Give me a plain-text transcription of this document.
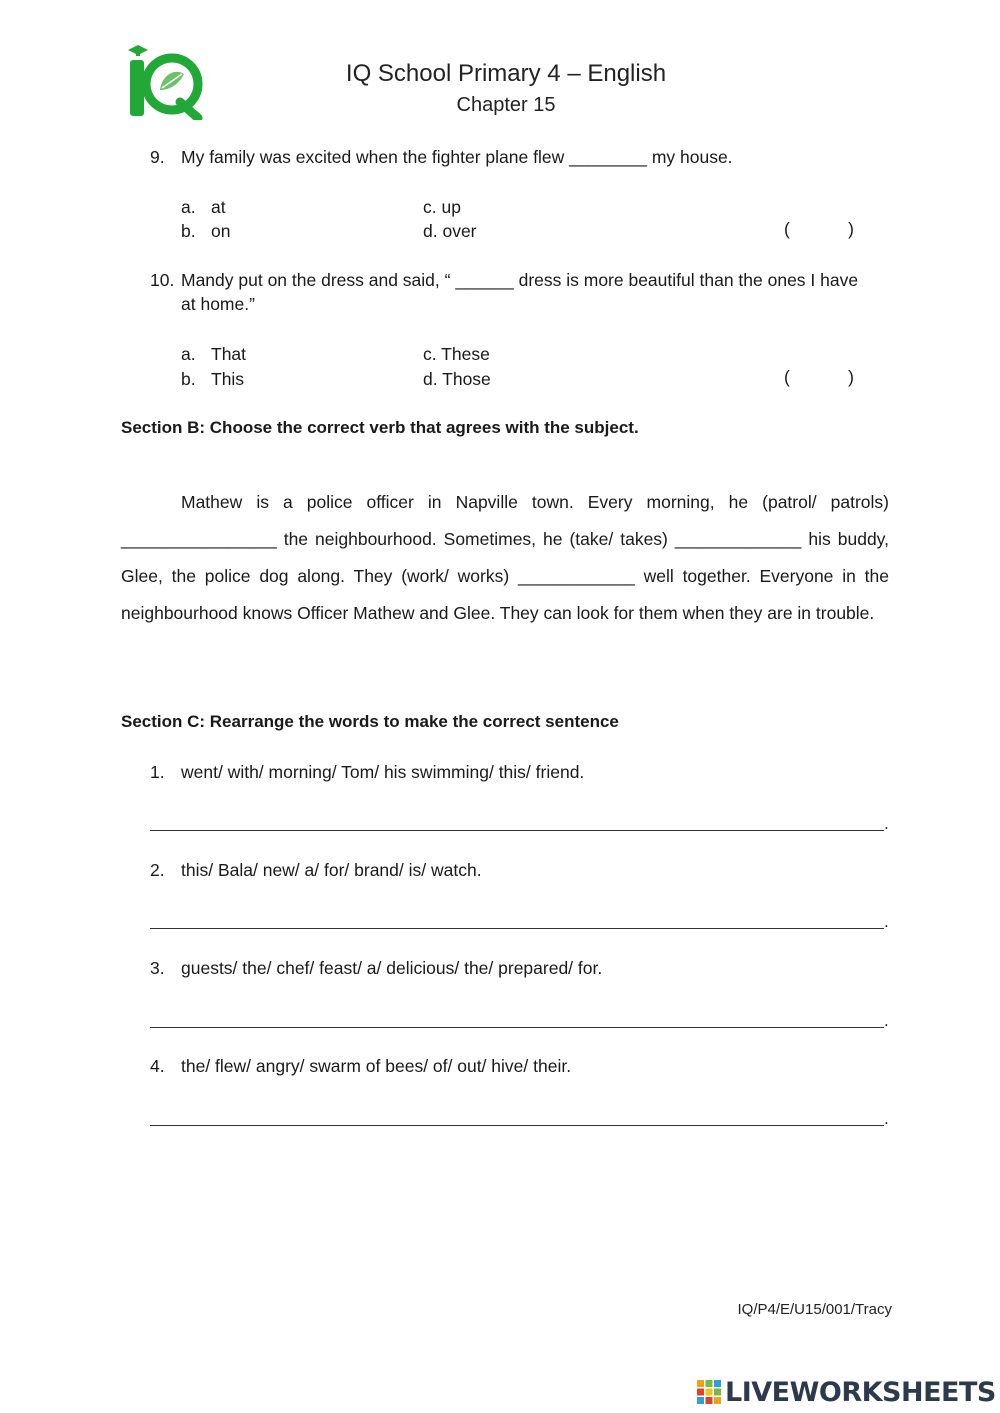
IQ School Primary 4 – English
Chapter 15
9. My family was excited when the fighter plane flew ________ my house.
a. at
b. on
c. up
d. over	(	)
10. Mandy put on the dress and said, “ ______ dress is more beautiful than the ones I have at home.”
a. That
b. This
c. These
d. Those	(	)
Section B: Choose the correct verb that agrees with the subject.

Mathew is a police officer in Napville town. Every morning, he (patrol/ patrols) ________________ the neighbourhood. Sometimes, he (take/ takes) _____________ his buddy, Glee, the police dog along. They (work/ works) ____________ well together. Everyone in the neighbourhood knows Officer Mathew and Glee. They can look for them when they are in trouble.

Section C: Rearrange the words to make the correct sentence
1. went/ with/ morning/ Tom/ his swimming/ this/ friend.
.
2. this/ Bala/ new/ a/ for/ brand/ is/ watch.
.
3. guests/ the/ chef/ feast/ a/ delicious/ the/ prepared/ for.
.
4. the/ flew/ angry/ swarm of bees/ of/ out/ hive/ their.
.
IQ/P4/E/U15/001/Tracy
LIVEWORKSHEETS
